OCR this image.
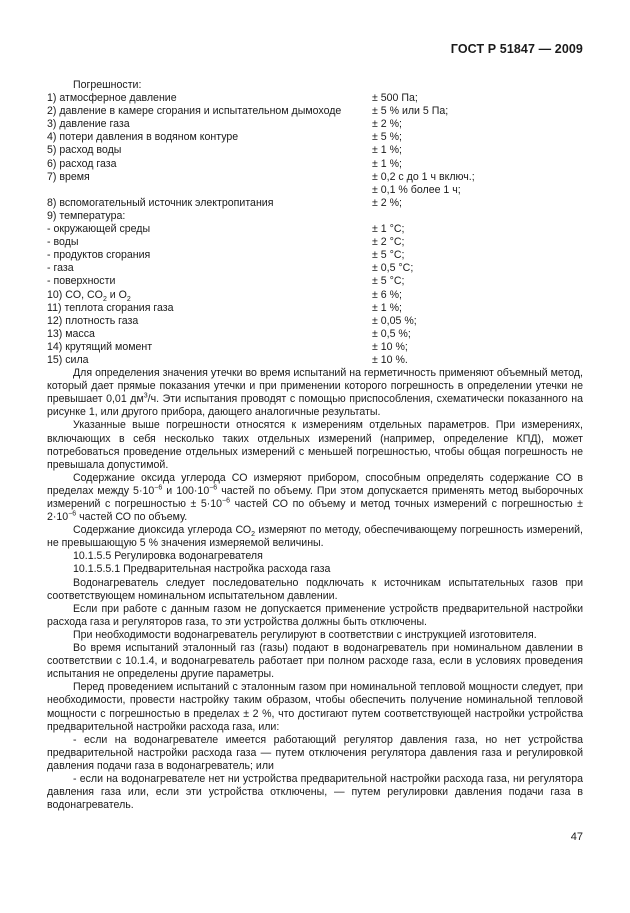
ГОСТ Р 51847 — 2009
Погрешности:
1) атмосферное давление	± 500 Па;
2) давление в камере сгорания и испытательном дымоходе	± 5 % или 5 Па;
3) давление газа	± 2 %;
4) потери давления в водяном контуре	± 5 %;
5) расход воды	± 1 %;
6) расход газа	± 1 %;
7) время	± 0,2 с до 1 ч включ.;
± 0,1 % более 1 ч;
8) вспомогательный источник электропитания	± 2 %;
9) температура:
- окружающей среды	± 1 °C;
- воды	± 2 °C;
- продуктов сгорания	± 5 °C;
- газа	± 0,5 °C;
- поверхности	± 5 °C;
10) CO, $CO_2$ и $O_2$	± 6 %;
11) теплота сгорания газа	± 1 %;
12) плотность газа	± 0,05 %;
13) масса	± 0,5 %;
14) крутящий момент	± 10 %;
15) сила	± 10 %.

Для определения значения утечки во время испытаний на герметичность применяют объемный метод, который дает прямые показания утечки и при применении которого погрешность в определении утечки не превышает 0,01 $дм^3/ч$. Эти испытания проводят с помощью приспособления, схематически показанного на рисунке 1, или другого прибора, дающего аналогичные результаты.

Указанные выше погрешности относятся к измерениям отдельных параметров. При измерениях, включающих в себя несколько таких отдельных измерений (например, определение КПД), может потребоваться проведение отдельных измерений с меньшей погрешностью, чтобы общая погрешность не превышала допустимой.

Содержание оксида углерода СО измеряют прибором, способным определять содержание СО в пределах между $5\cdot 10^{-6}$ и $100\cdot 10^{-6}$ частей по объему. При этом допускается применять метод выборочных измерений с погрешностью ± $5\cdot 10^{-6}$ частей СО по объему и метод точных измерений с погрешностью ± $2\cdot 10^{-6}$ частей СО по объему.

Содержание диоксида углерода $СО_2$ измеряют по методу, обеспечивающему погрешность измерений, не превышающую 5 % значения измеряемой величины.

10.1.5.5 Регулировка водонагревателя

10.1.5.5.1 Предварительная настройка расхода газа

Водонагреватель следует последовательно подключать к источникам испытательных газов при соответствующем номинальном испытательном давлении.

Если при работе с данным газом не допускается применение устройств предварительной настройки расхода газа и регуляторов газа, то эти устройства должны быть отключены.

При необходимости водонагреватель регулируют в соответствии с инструкцией изготовителя.

Во время испытаний эталонный газ (газы) подают в водонагреватель при номинальном давлении в соответствии с 10.1.4, и водонагреватель работает при полном расходе газа, если в условиях проведения испытания не определены другие параметры.

Перед проведением испытаний с эталонным газом при номинальной тепловой мощности следует, при необходимости, провести настройку таким образом, чтобы обеспечить получение номинальной тепловой мощности с погрешностью в пределах ± 2 %, что достигают путем соответствующей настройки устройства предварительной настройки расхода газа, или:

- если на водонагревателе имеется работающий регулятор давления газа, но нет устройства предварительной настройки расхода газа — путем отключения регулятора давления газа и регулировкой давления подачи газа в водонагреватель; или

- если на водонагревателе нет ни устройства предварительной настройки расхода газа, ни регулятора давления газа или, если эти устройства отключены, — путем регулировки давления подачи газа в водонагреватель.

47
